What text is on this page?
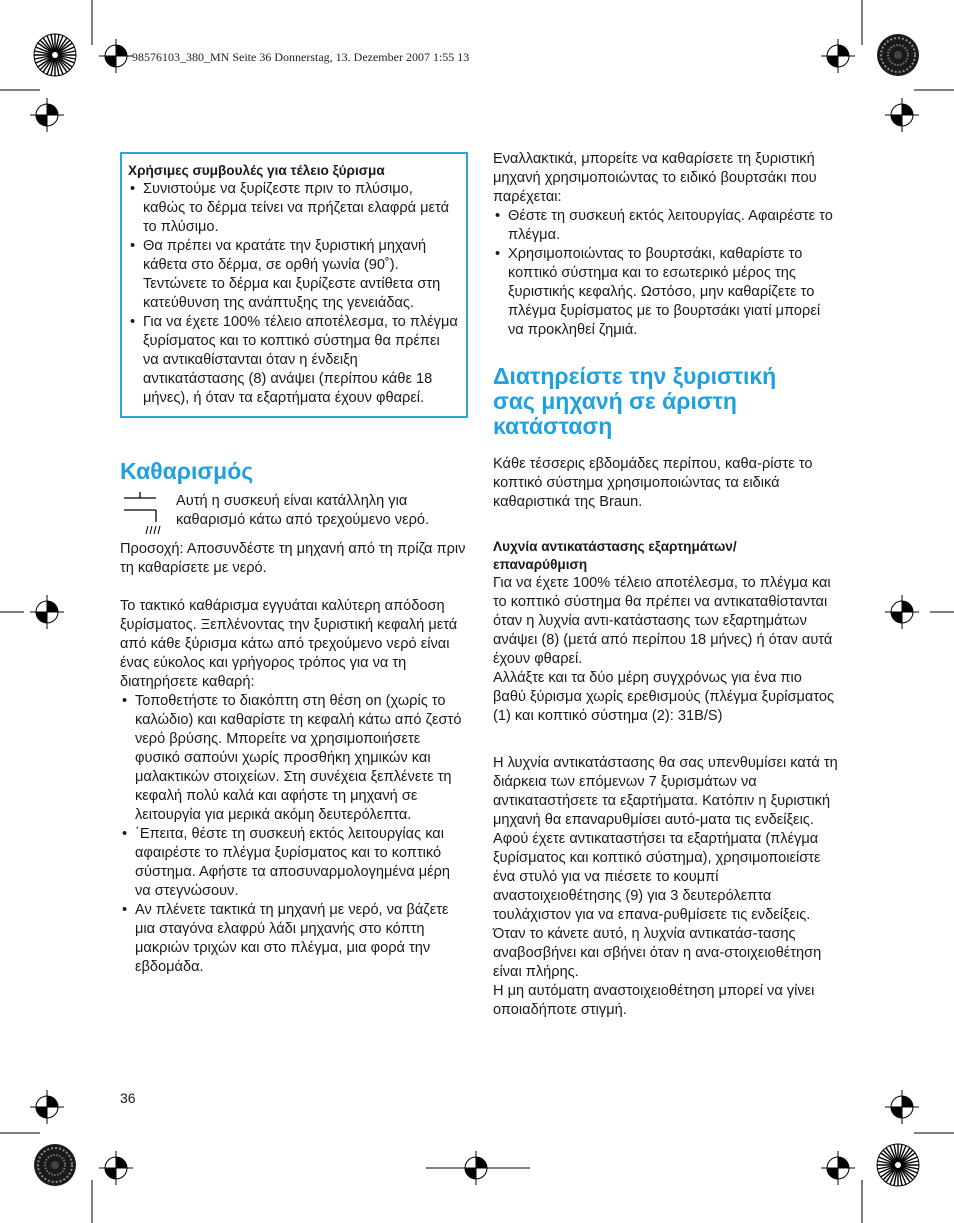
98576103_380_MN Seite 36 Donnerstag, 13. Dezember 2007 1:55 13

Χρήσιμες συμβουλές για τέλειο ξύρισμα

• Συνιστούμε να ξυρίζεστε πριν το πλύσιμο, καθώς το δέρμα τείνει να πρήζεται ελαφρά μετά το πλύσιμο.
• Θα πρέπει να κρατάτε την ξυριστική μηχανή κάθετα στο δέρμα, σε ορθή γωνία (90˚). Τεντώνετε το δέρμα και ξυρίζεστε αντίθετα στη κατεύθυνση της ανάπτυξης της γενειάδας.
• Για να έχετε 100% τέλειο αποτέλεσμα, το πλέγμα ξυρίσματος και το κοπτικό σύστημα θα πρέπει να αντικαθίστανται όταν η ένδειξη αντικατάστασης (8) ανάψει (περίπου κάθε 18 μήνες), ή όταν τα εξαρτήματα έχουν φθαρεί.
Καθαρισμός

Αυτή η συσκευή είναι κατάλληλη για καθαρισμό κάτω από τρεχούμενο νερό.

Προσοχή: Αποσυνδέστε τη μηχανή από τη πρίζα πριν τη καθαρίσετε με νερό.

Το τακτικό καθάρισμα εγγυάται καλύτερη απόδοση ξυρίσματος. Ξεπλένοντας την ξυριστική κεφαλή μετά από κάθε ξύρισμα κάτω από τρεχούμενο νερό είναι ένας εύκολος και γρήγορος τρόπος για να τη διατηρήσετε καθαρή:

• Τοποθετήστε το διακόπτη στη θέση on (χωρίς το καλώδιο) και καθαρίστε τη κεφαλή κάτω από ζεστό νερό βρύσης. Μπορείτε να χρησιμοποιήσετε φυσικό σαπούνι χωρίς προσθήκη χημικών και μαλακτικών στοιχείων. Στη συνέχεια ξεπλένετε τη κεφαλή πολύ καλά και αφήστε τη μηχανή σε λειτουργία για μερικά ακόμη δευτερόλεπτα.
• ΄Επειτα, θέστε τη συσκευή εκτός λειτουργίας και αφαιρέστε το πλέγμα ξυρίσματος και το κοπτικό σύστημα. Αφήστε τα αποσυναρμολογημένα μέρη να στεγνώσουν.
• Αν πλένετε τακτικά τη μηχανή με νερό, να βάζετε μια σταγόνα ελαφρύ λάδι μηχανής στο κόπτη μακριών τριχών και στο πλέγμα, μια φορά την εβδομάδα.
36

Εναλλακτικά, μπορείτε να καθαρίσετε τη ξυριστική μηχανή χρησιμοποιώντας το ειδικό βουρτσάκι που παρέχεται:

• Θέστε τη συσκευή εκτός λειτουργίας. Αφαιρέστε το πλέγμα.
• Χρησιμοποιώντας το βουρτσάκι, καθαρίστε το κοπτικό σύστημα και το εσωτερικό μέρος της ξυριστικής κεφαλής. Ωστόσο, μην καθαρίζετε το πλέγμα ξυρίσματος με το βουρτσάκι γιατί μπορεί να προκληθεί ζημιά.
Διατηρείστε την ξυριστική
σας μηχανή σε άριστη
κατάσταση

Κάθε τέσσερις εβδομάδες περίπου, καθα-ρίστε το κοπτικό σύστημα χρησιμοποιώντας τα ειδικά καθαριστικά της Braun.

Λυχνία αντικατάστασης εξαρτημάτων/
επαναρύθμιση

Για να έχετε 100% τέλειο αποτέλεσμα, το πλέγμα και το κοπτικό σύστημα θα πρέπει να αντικαταθίστανται όταν η λυχνία αντι-κατάστασης των εξαρτημάτων ανάψει (8) (μετά από περίπου 18 μήνες) ή όταν αυτά έχουν φθαρεί.

Αλλάξτε και τα δύο μέρη συγχρόνως για ένα πιο βαθύ ξύρισμα χωρίς ερεθισμούς (πλέγμα ξυρίσματος (1) και κοπτικό σύστημα (2): 31B/S)

Η λυχνία αντικατάστασης θα σας υπενθυμίσει κατά τη διάρκεια των επόμενων 7 ξυρισμάτων να αντικαταστήσετε τα εξαρτήματα. Κατόπιν η ξυριστική μηχανή θα επαναρυθμίσει αυτό-ματα τις ενδείξεις.

Αφού έχετε αντικαταστήσει τα εξαρτήματα (πλέγμα ξυρίσματος και κοπτικό σύστημα), χρησιμοποιείστε ένα στυλό για να πιέσετε το κουμπί αναστοιχειοθέτησης (9) για 3 δευτερόλεπτα τουλάχιστον για να επανα-ρυθμίσετε τις ενδείξεις.

Όταν το κάνετε αυτό, η λυχνία αντικατάσ-τασης αναβοσβήνει και σβήνει όταν η ανα-στοιχειοθέτηση είναι πλήρης.

Η μη αυτόματη αναστοιχειοθέτηση μπορεί να γίνει οποιαδήποτε στιγμή.
